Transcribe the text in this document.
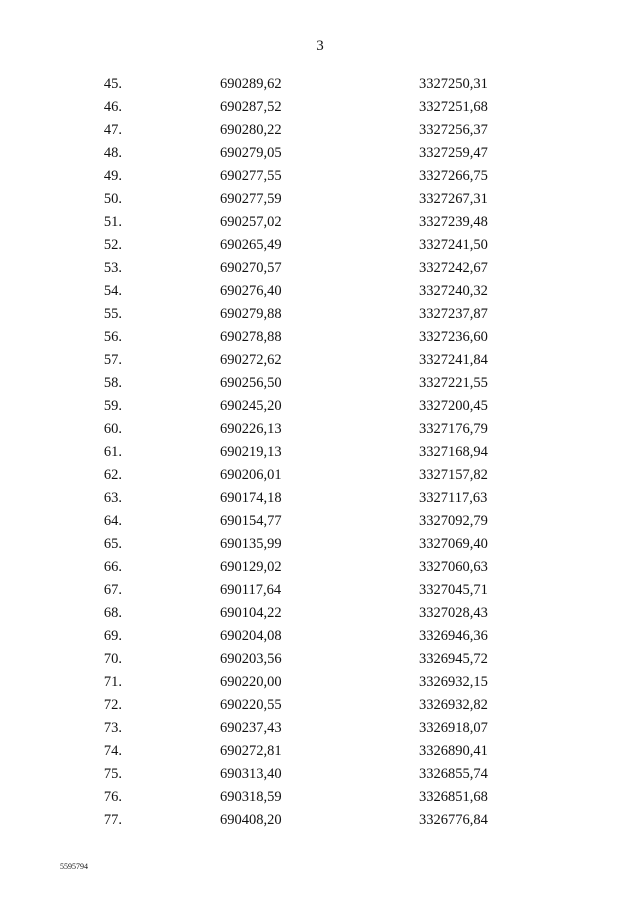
3
45.	690289,62	3327250,31
46.	690287,52	3327251,68
47.	690280,22	3327256,37
48.	690279,05	3327259,47
49.	690277,55	3327266,75
50.	690277,59	3327267,31
51.	690257,02	3327239,48
52.	690265,49	3327241,50
53.	690270,57	3327242,67
54.	690276,40	3327240,32
55.	690279,88	3327237,87
56.	690278,88	3327236,60
57.	690272,62	3327241,84
58.	690256,50	3327221,55
59.	690245,20	3327200,45
60.	690226,13	3327176,79
61.	690219,13	3327168,94
62.	690206,01	3327157,82
63.	690174,18	3327117,63
64.	690154,77	3327092,79
65.	690135,99	3327069,40
66.	690129,02	3327060,63
67.	690117,64	3327045,71
68.	690104,22	3327028,43
69.	690204,08	3326946,36
70.	690203,56	3326945,72
71.	690220,00	3326932,15
72.	690220,55	3326932,82
73.	690237,43	3326918,07
74.	690272,81	3326890,41
75.	690313,40	3326855,74
76.	690318,59	3326851,68
77.	690408,20	3326776,84
5595794
